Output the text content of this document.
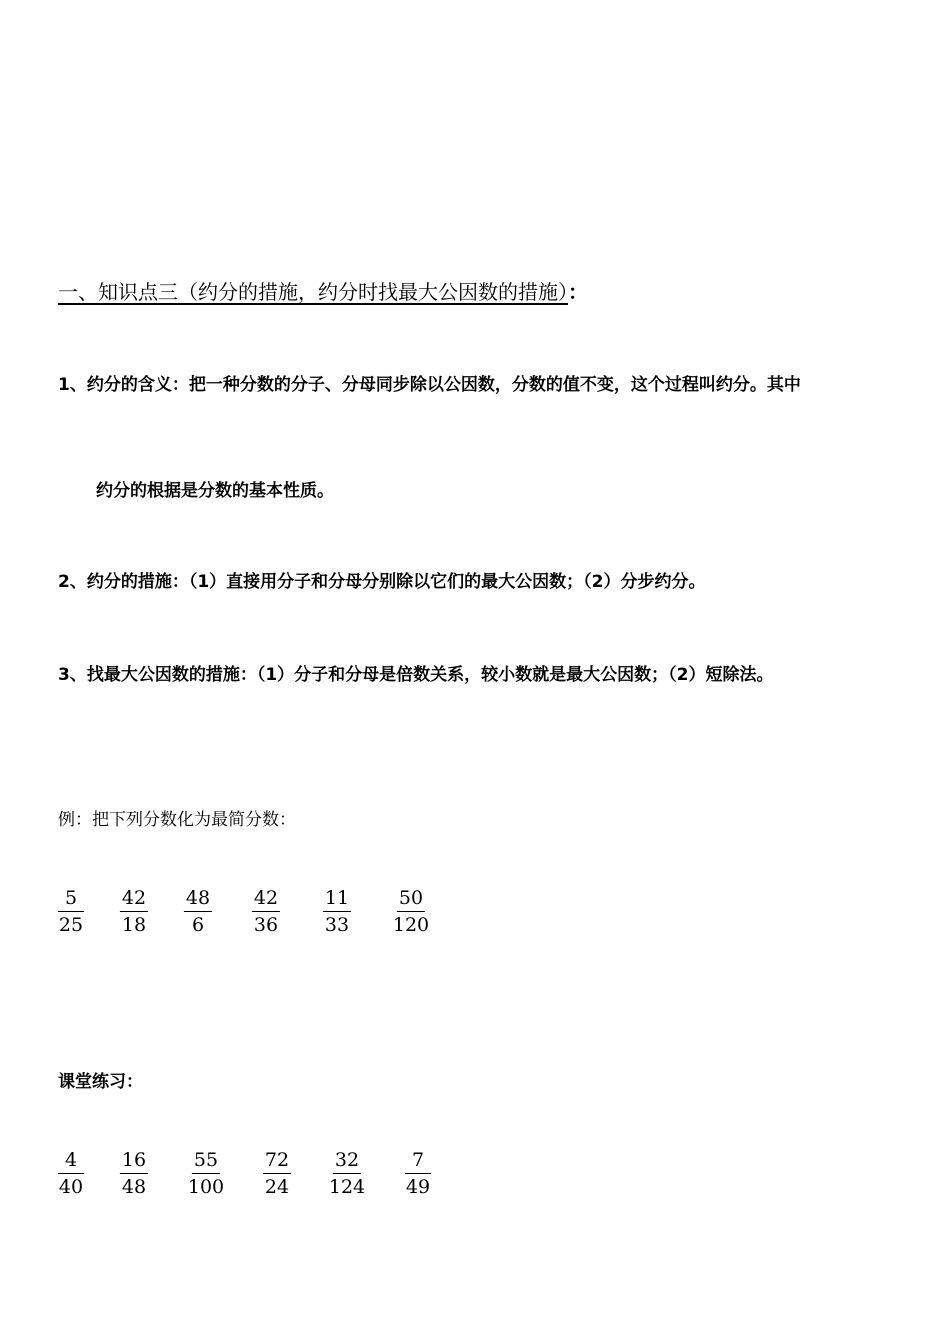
一、知识点三（约分的措施，约分时找最大公因数的措施）：
1、约分的含义：把一种分数的分子、分母同步除以公因数，分数的值不变，这个过程叫约分。其中
约分的根据是分数的基本性质。
2、约分的措施：（1）直接用分子和分母分别除以它们的最大公因数；（2）分步约分。
3、找最大公因数的措施：（1）分子和分母是倍数关系，较小数就是最大公因数；（2）短除法。
例：把下列分数化为最简分数：
$\frac{5}{25} \frac{42}{18} \frac{48}{6} \frac{42}{36} \frac{11}{33} \frac{50}{120}$
课堂练习：
$\frac{4}{40} \frac{16}{48} \frac{55}{100} \frac{72}{24} \frac{32}{124} \frac{7}{49}$
